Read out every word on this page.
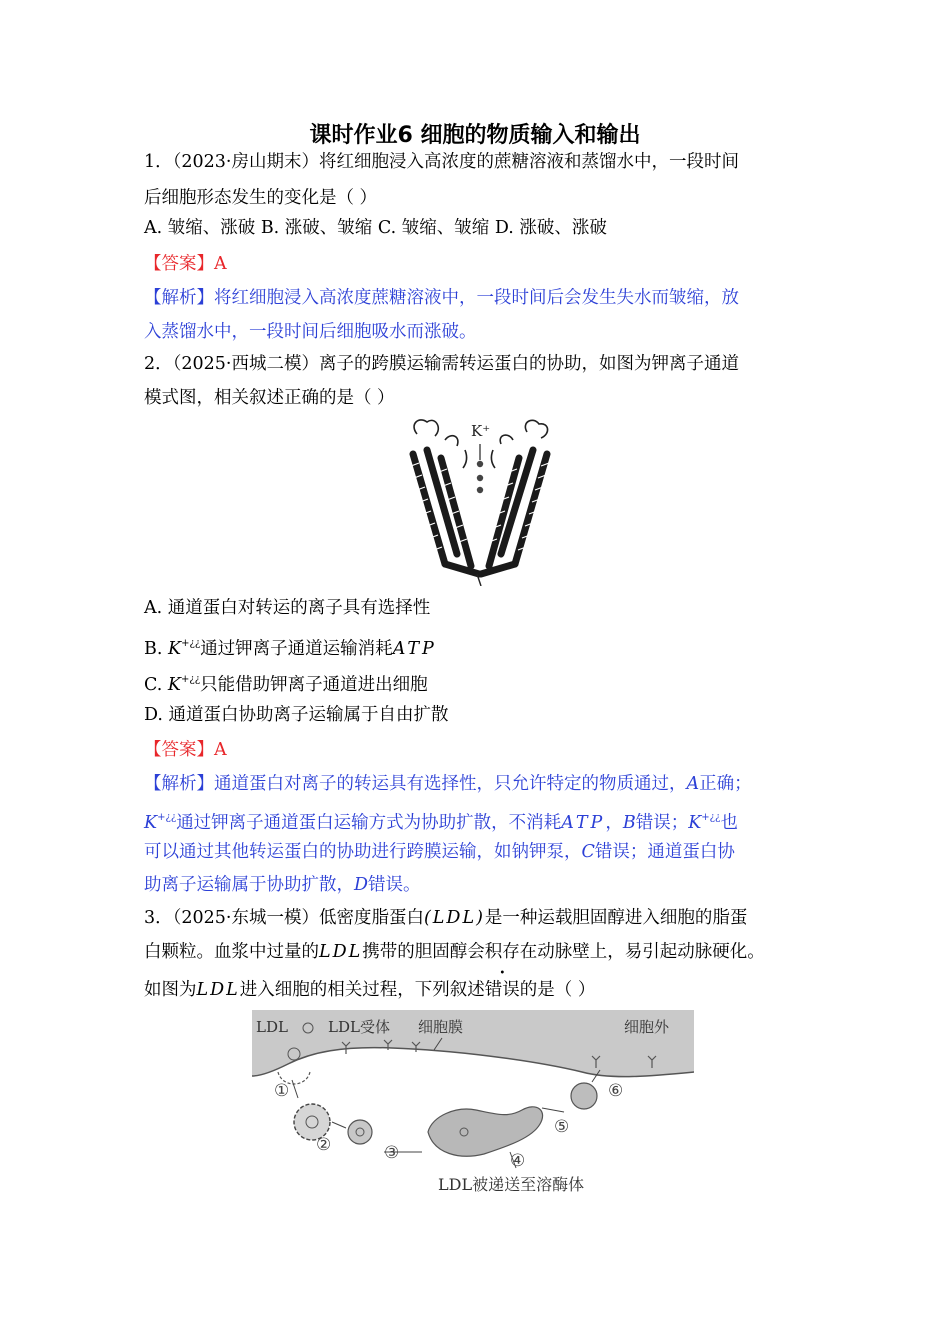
课时作业6 细胞的物质输入和输出
1．（2023·房山期末）将红细胞浸入高浓度的蔗糖溶液和蒸馏水中，一段时间
后细胞形态发生的变化是（ ）
A. 皱缩、涨破 B. 涨破、皱缩 C. 皱缩、皱缩 D. 涨破、涨破
【答案】A
【解析】将红细胞浸入高浓度蔗糖溶液中，一段时间后会发生失水而皱缩，放
入蒸馏水中，一段时间后细胞吸水而涨破。
2．（2025·西城二模）离子的跨膜运输需转运蛋白的协助，如图为钾离子通道
模式图，相关叙述正确的是（ ）
K⁺
A. 通道蛋白对转运的离子具有选择性
B. K+¿¿通过钾离子通道运输消耗ATP
C. K+¿¿只能借助钾离子通道进出细胞
D. 通道蛋白协助离子运输属于自由扩散
【答案】A
【解析】通道蛋白对离子的转运具有选择性，只允许特定的物质通过，A正确；
K+¿¿通过钾离子通道蛋白运输方式为协助扩散，不消耗ATP，B错误；K+¿¿也
可以通过其他转运蛋白的协助进行跨膜运输，如钠钾泵，C错误；通道蛋白协
助离子运输属于协助扩散，D错误。
3．（2025·东城一模）低密度脂蛋白(LDL)是一种运载胆固醇进入细胞的脂蛋
白颗粒。血浆中过量的LDL携带的胆固醇会积存在动脉壁上，易引起动脉硬化。
如图为LDL进入细胞的相关过程，下列叙述错误的是（ ）
LDL	LDL受体 细胞膜	细胞外
①
②	③	④
⑤
⑥
LDL被递送至溶酶体
